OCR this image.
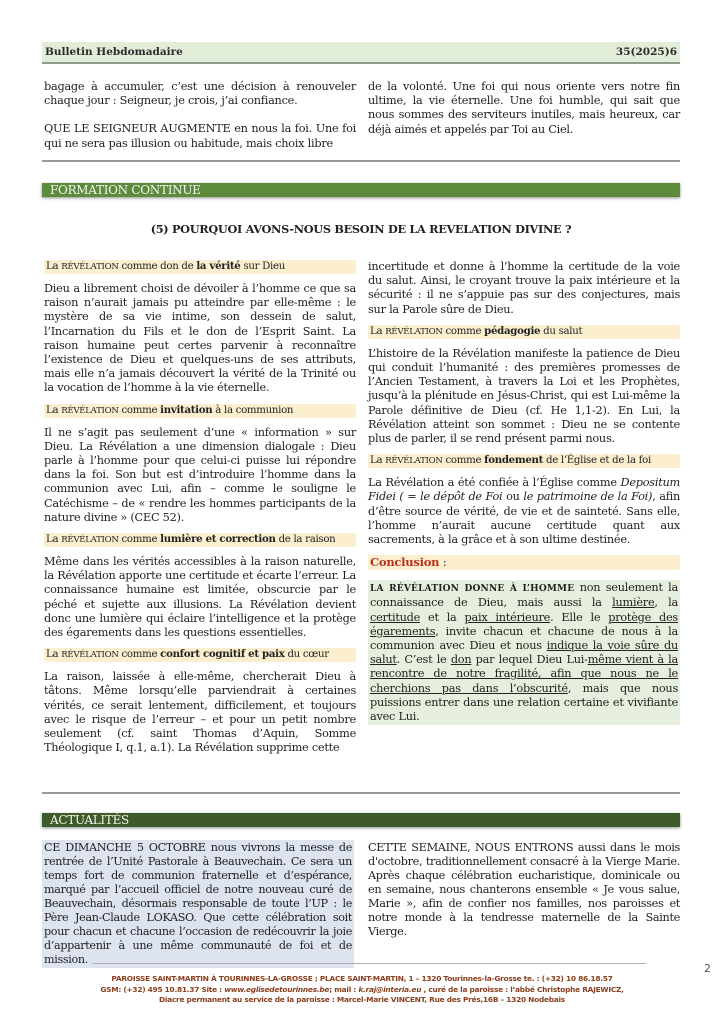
Bulletin Hebdomadaire	35(2025)6

bagage à accumuler, c’est une décision à renouveler chaque jour : Seigneur, je crois, j’ai confiance.

QUE LE SEIGNEUR AUGMENTE en nous la foi. Une foi qui ne sera pas illusion ou habitude, mais choix libre

de la volonté. Une foi qui nous oriente vers notre fin ultime, la vie éternelle. Une foi humble, qui sait que nous sommes des serviteurs inutiles, mais heureux, car déjà aimés et appelés par Toi au Ciel.

FORMATION CONTINUE
(5) POURQUOI AVONS-NOUS BESOIN DE LA REVELATION DIVINE ?
La RÉVÉLATION comme don de la vérité sur Dieu

Dieu a librement choisi de dévoiler à l’homme ce que sa raison n’aurait jamais pu atteindre par elle-même : le mystère de sa vie intime, son dessein de salut, l’Incarnation du Fils et le don de l’Esprit Saint. La raison humaine peut certes parvenir à reconnaître l’existence de Dieu et quelques-uns de ses attributs, mais elle n’a jamais découvert la vérité de la Trinité ou la vocation de l’homme à la vie éternelle.

La RÉVÉLATION comme invitation à la communion

Il ne s’agit pas seulement d’une « information » sur Dieu. La Révélation a une dimension dialogale : Dieu parle à l’homme pour que celui-ci puisse lui répondre dans la foi. Son but est d’introduire l’homme dans la communion avec Lui, afin – comme le souligne le Catéchisme – de « rendre les hommes participants de la nature divine » (CEC 52).

La RÉVÉLATION comme lumière et correction de la raison

Même dans les vérités accessibles à la raison naturelle, la Révélation apporte une certitude et écarte l’erreur. La connaissance humaine est limitée, obscurcie par le péché et sujette aux illusions. La Révélation devient donc une lumière qui éclaire l’intelligence et la protège des égarements dans les questions essentielles.

La RÉVÉLATION comme confort cognitif et paix du cœur

La raison, laissée à elle-même, chercherait Dieu à tâtons. Même lorsqu’elle parviendrait à certaines vérités, ce serait lentement, difficilement, et toujours avec le risque de l’erreur – et pour un petit nombre seulement (cf. saint Thomas d’Aquin, Somme Théologique I, q.1, a.1). La Révélation supprime cette

incertitude et donne à l’homme la certitude de la voie du salut. Ainsi, le croyant trouve la paix intérieure et la sécurité : il ne s’appuie pas sur des conjectures, mais sur la Parole sûre de Dieu.

La RÉVÉLATION comme pédagogie du salut

L’histoire de la Révélation manifeste la patience de Dieu qui conduit l’humanité : des premières promesses de l’Ancien Testament, à travers la Loi et les Prophètes, jusqu’à la plénitude en Jésus-Christ, qui est Lui-même la Parole définitive de Dieu (cf. He 1,1-2). En Lui, la Révélation atteint son sommet : Dieu ne se contente plus de parler, il se rend présent parmi nous.

La RÉVÉLATION comme fondement de l’Église et de la foi

La Révélation a été confiée à l’Église comme Depositum Fidei ( = le dépôt de Foi ou le patrimoine de la Foi), afin d’être source de vérité, de vie et de sainteté. Sans elle, l’homme n’aurait aucune certitude quant aux sacrements, à la grâce et à son ultime destinée.

Conclusion :
LA RÉVÉLATION DONNE À L’HOMME non seulement la connaissance de Dieu, mais aussi la lumière, la certitude et la paix intérieure. Elle le protège des égarements, invite chacun et chacune de nous à la communion avec Dieu et nous indique la voie sûre du salut. C’est le don par lequel Dieu Lui-même vient à la rencontre de notre fragilité, afin que nous ne le cherchions pas dans l’obscurité, mais que nous puissions entrer dans une relation certaine et vivifiante avec Lui.
ACTUALITÉS
CE DIMANCHE 5 OCTOBRE nous vivrons la messe de rentrée de l’Unité Pastorale à Beauvechain. Ce sera un temps fort de communion fraternelle et d’espérance, marqué par l’accueil officiel de notre nouveau curé de Beauvechain, désormais responsable de toute l’UP : le Père Jean-Claude LOKASO. Que cette célébration soit pour chacun et chacune l’occasion de redécouvrir la joie d’appartenir à une même communauté de foi et de mission.

CETTE SEMAINE, NOUS ENTRONS aussi dans le mois d'octobre, traditionnellement consacré à la Vierge Marie. Après chaque célébration eucharistique, dominicale ou en semaine, nous chanterons ensemble « Je vous salue, Marie », afin de confier nos familles, nos paroisses et notre monde à la tendresse maternelle de la Sainte Vierge.

2
PAROISSE SAINT-MARTIN À TOURINNES-LA-GROSSE ; PLACE SAINT-MARTIN, 1 – 1320 Tourinnes-la-Grosse te. : (+32) 10 86.18.57
GSM: (+32) 495 10.81.37 Site : www.eglisedetourinnes.be; mail : k.raj@interia.eu , curé de la paroisse : l’abbé Christophe RAJEWICZ,
Diacre permanent au service de la paroisse : Marcel-Marie VINCENT, Rue des Prés,16B – 1320 Nodebais
